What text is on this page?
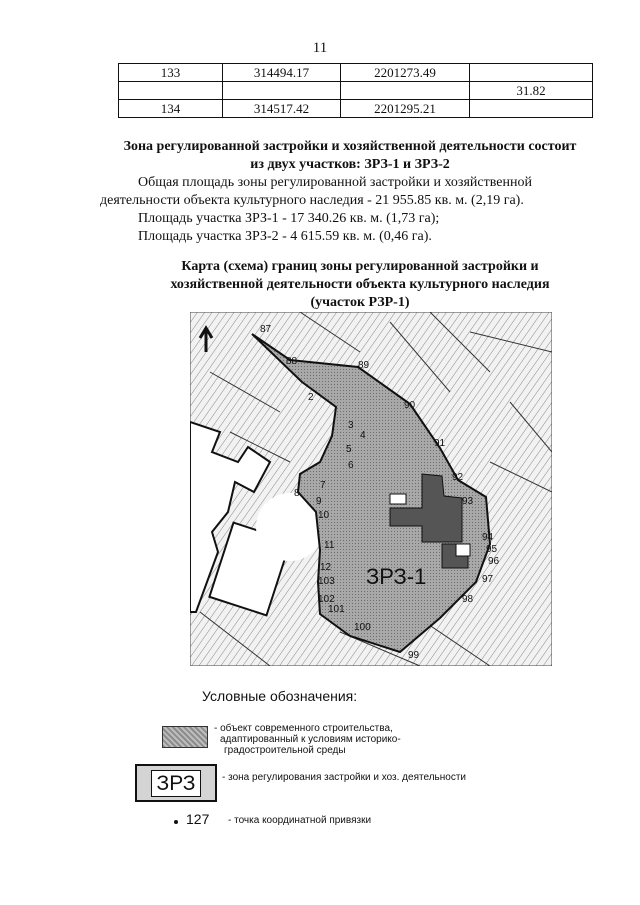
11
133	314494.17	2201273.49	
			31.82
134	314517.42	2201295.21	

Зона регулированной застройки и хозяйственной деятельности состоит

из двух участков: ЗРЗ-1 и ЗРЗ-2

Общая площадь зоны регулированной застройки и хозяйственной деятельности объекта культурного наследия - 21 955.85 кв. м. (2,19 га).

Площадь участка ЗРЗ-1 - 17 340.26 кв. м. (1,73 га);

Площадь участка ЗРЗ-2 - 4 615.59 кв. м. (0,46 га).

Карта (схема) границ зоны регулированной застройки и
хозяйственной деятельности объекта культурного наследия
(участок РЗР-1)
ЗРЗ-1
87
88	89
90
91
92
93
94
95
96
97
98
99
100
101
102
103
12
11
10
9
8
7
6
5
4
3
2
Условные обозначения:
- объект современного строительства,
адаптированный к условиям историко-
градостроительной среды
ЗРЗ	- зона регулирования застройки и хоз. деятельности
127 - точка координатной привязки
